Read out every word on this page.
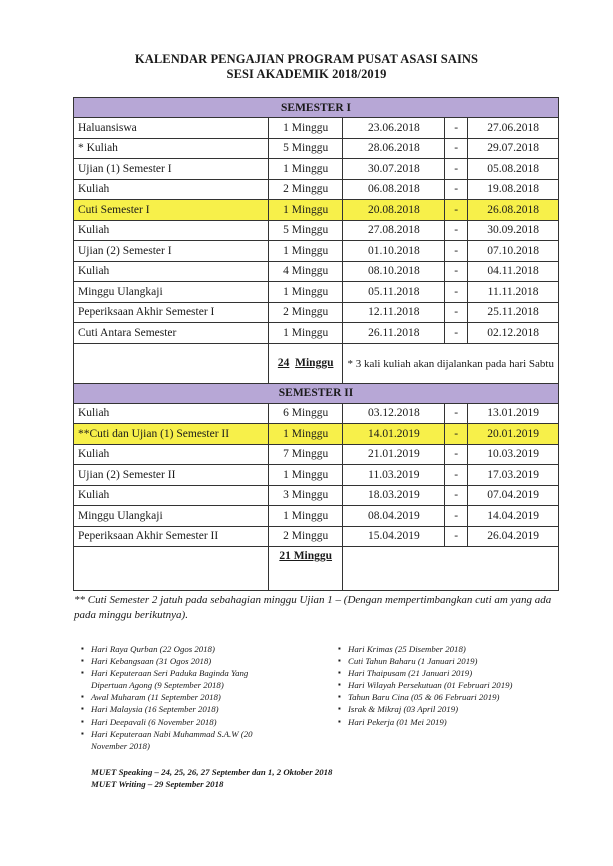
KALENDAR PENGAJIAN PROGRAM PUSAT ASASI SAINS
SESI AKADEMIK 2018/2019
SEMESTER I				
Haluansiswa	1 Minggu	23.06.2018	-	27.06.2018
* Kuliah	5 Minggu	28.06.2018	-	29.07.2018
Ujian (1) Semester I	1 Minggu	30.07.2018	-	05.08.2018
Kuliah	2 Minggu	06.08.2018	-	19.08.2018
Cuti Semester I	1 Minggu	20.08.2018	-	26.08.2018
Kuliah	5 Minggu	27.08.2018	-	30.09.2018
Ujian (2) Semester I	1 Minggu	01.10.2018	-	07.10.2018
Kuliah	4 Minggu	08.10.2018	-	04.11.2018
Minggu Ulangkaji	1 Minggu	05.11.2018	-	11.11.2018
Peperiksaan Akhir Semester I	2 Minggu	12.11.2018	-	25.11.2018
Cuti Antara Semester	1 Minggu	26.11.2018	-	02.12.2018
	24 Minggu	* 3 kali kuliah akan dijalankan pada hari Sabtu		
SEMESTER II				
Kuliah	6 Minggu	03.12.2018	-	13.01.2019
**Cuti dan Ujian (1) Semester II	1 Minggu	14.01.2019	-	20.01.2019
Kuliah	7 Minggu	21.01.2019	-	10.03.2019
Ujian (2) Semester II	1 Minggu	11.03.2019	-	17.03.2019
Kuliah	3 Minggu	18.03.2019	-	07.04.2019
Minggu Ulangkaji	1 Minggu	08.04.2019	-	14.04.2019
Peperiksaan Akhir Semester II	2 Minggu	15.04.2019	-	26.04.2019
	21 Minggu			
** Cuti Semester 2 jatuh pada sebahagian minggu Ujian 1 – (Dengan mempertimbangkan cuti am yang ada pada minggu berikutnya).
▪ Hari Raya Qurban (22 Ogos 2018)
▪ Hari Kebangsaan (31 Ogos 2018)
▪ Hari Keputeraan Seri Paduka Baginda Yang Dipertuan Agong (9 September 2018)
▪ Awal Muharam (11 September 2018)
▪ Hari Malaysia (16 September 2018)
▪ Hari Deepavali (6 November 2018)
▪ Hari Keputeraan Nabi Muhammad S.A.W (20 November 2018)
▪ Hari Krimas (25 Disember 2018)
▪ Cuti Tahun Baharu (1 Januari 2019)
▪ Hari Thaipusam (21 Januari 2019)
▪ Hari Wilayah Persekutuan (01 Februari 2019)
▪ Tahun Baru Cina (05 & 06 Februari 2019)
▪ Israk & Mikraj (03 April 2019)
▪ Hari Pekerja (01 Mei 2019)
MUET Speaking – 24, 25, 26, 27 September dan 1, 2 Oktober 2018
MUET Writing – 29 September 2018
